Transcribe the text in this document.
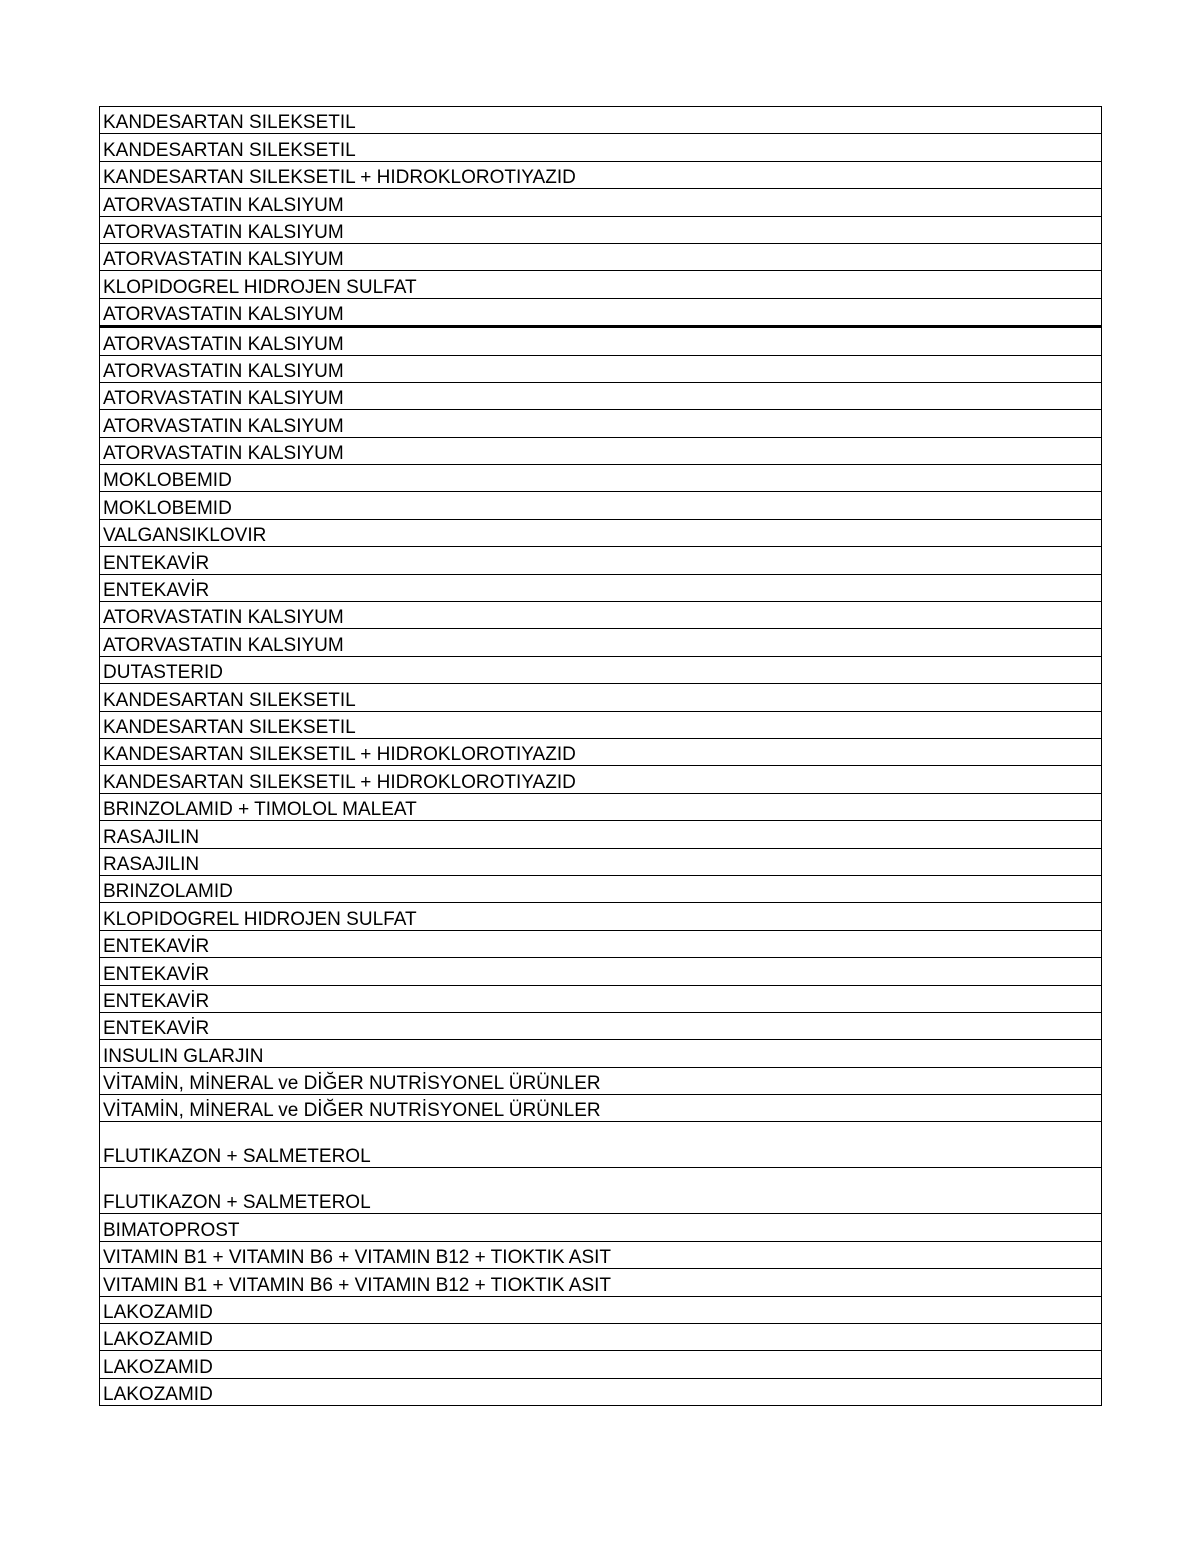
KANDESARTAN SILEKSETIL
KANDESARTAN SILEKSETIL
KANDESARTAN SILEKSETIL + HIDROKLOROTIYAZID
ATORVASTATIN KALSIYUM
ATORVASTATIN KALSIYUM
ATORVASTATIN KALSIYUM
KLOPIDOGREL HIDROJEN SULFAT
ATORVASTATIN KALSIYUM
ATORVASTATIN KALSIYUM
ATORVASTATIN KALSIYUM
ATORVASTATIN KALSIYUM
ATORVASTATIN KALSIYUM
ATORVASTATIN KALSIYUM
MOKLOBEMID
MOKLOBEMID
VALGANSIKLOVIR
ENTEKAVİR
ENTEKAVİR
ATORVASTATIN KALSIYUM
ATORVASTATIN KALSIYUM
DUTASTERID
KANDESARTAN SILEKSETIL
KANDESARTAN SILEKSETIL
KANDESARTAN SILEKSETIL + HIDROKLOROTIYAZID
KANDESARTAN SILEKSETIL + HIDROKLOROTIYAZID
BRINZOLAMID + TIMOLOL MALEAT
RASAJILIN
RASAJILIN
BRINZOLAMID
KLOPIDOGREL HIDROJEN SULFAT
ENTEKAVİR
ENTEKAVİR
ENTEKAVİR
ENTEKAVİR
INSULIN GLARJIN
VİTAMİN, MİNERAL ve DİĞER NUTRİSYONEL ÜRÜNLER
VİTAMİN, MİNERAL ve DİĞER NUTRİSYONEL ÜRÜNLER
FLUTIKAZON + SALMETEROL
FLUTIKAZON + SALMETEROL
BIMATOPROST
VITAMIN B1 + VITAMIN B6 + VITAMIN B12 + TIOKTIK ASIT
VITAMIN B1 + VITAMIN B6 + VITAMIN B12 + TIOKTIK ASIT
LAKOZAMID
LAKOZAMID
LAKOZAMID
LAKOZAMID
